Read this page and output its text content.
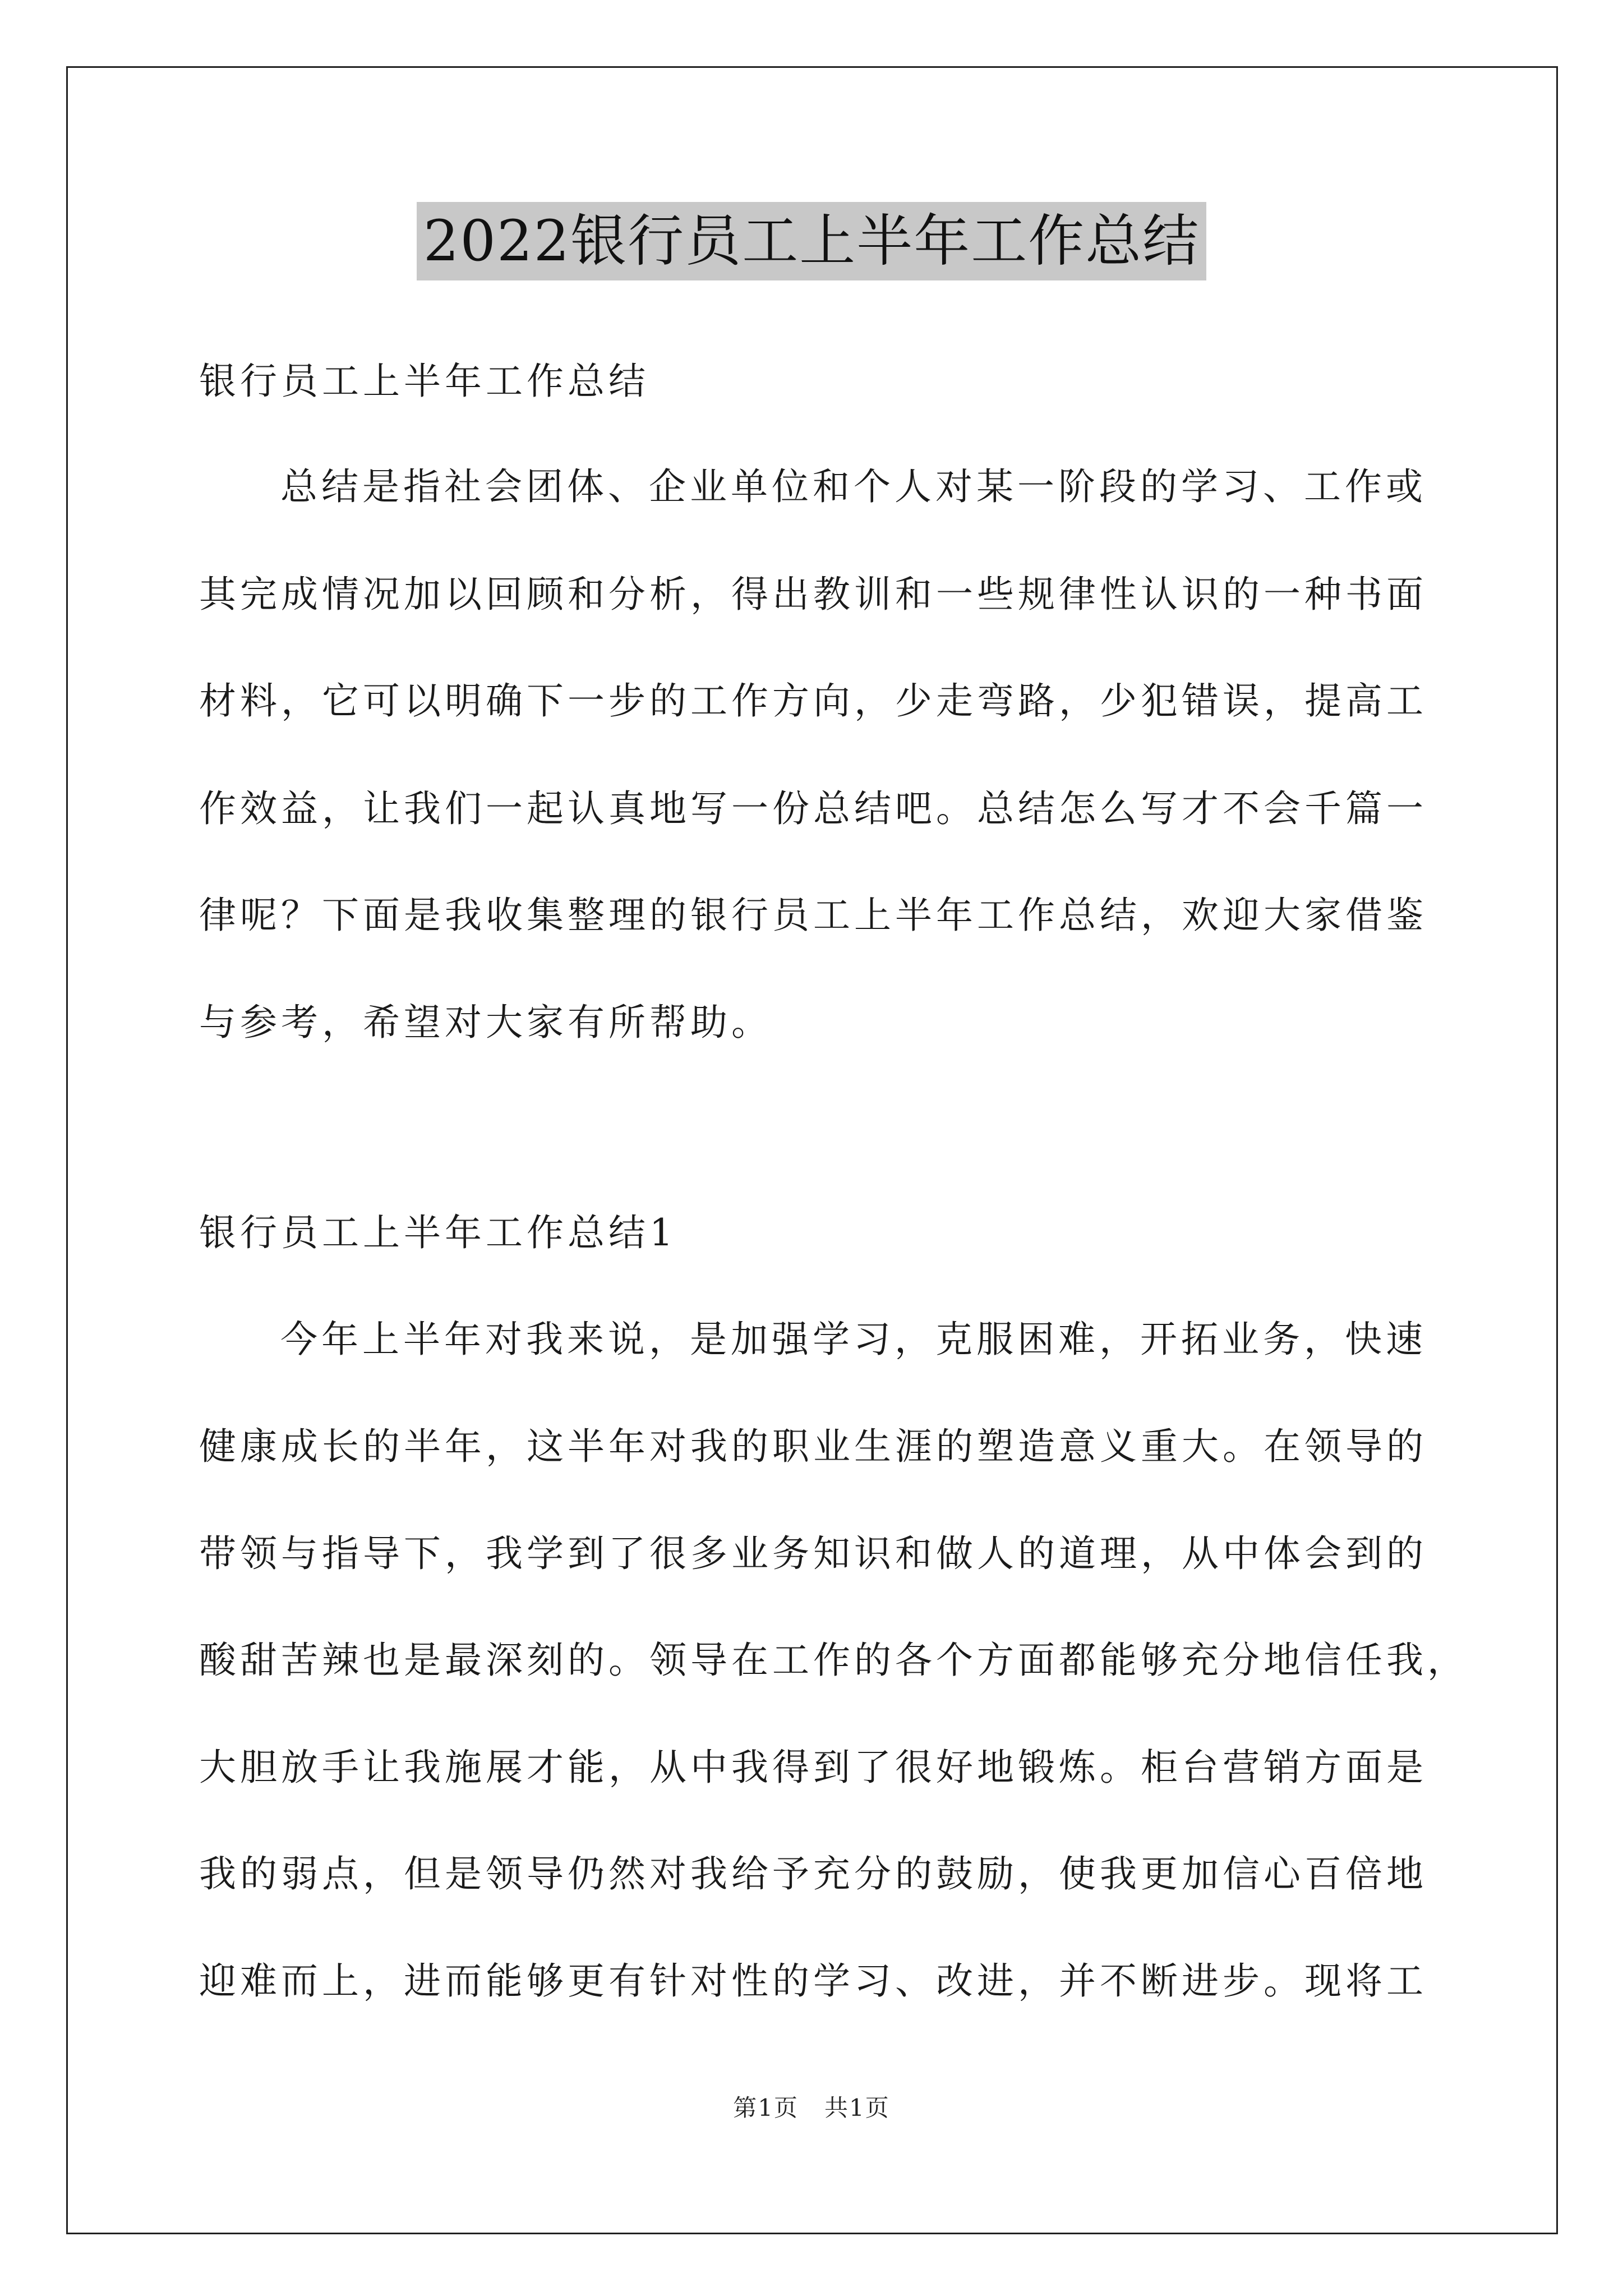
2022银行员工上半年工作总结
银行员工上半年工作总结
总结是指社会团体、企业单位和个人对某一阶段的学习、工作或
其完成情况加以回顾和分析，得出教训和一些规律性认识的一种书面
材料，它可以明确下一步的工作方向，少走弯路，少犯错误，提高工
作效益，让我们一起认真地写一份总结吧。总结怎么写才不会千篇一
律呢？下面是我收集整理的银行员工上半年工作总结，欢迎大家借鉴
与参考，希望对大家有所帮助。
银行员工上半年工作总结1
今年上半年对我来说，是加强学习，克服困难，开拓业务，快速
健康成长的半年，这半年对我的职业生涯的塑造意义重大。在领导的
带领与指导下，我学到了很多业务知识和做人的道理，从中体会到的
酸甜苦辣也是最深刻的。领导在工作的各个方面都能够充分地信任我，
大胆放手让我施展才能，从中我得到了很好地锻炼。柜台营销方面是
我的弱点，但是领导仍然对我给予充分的鼓励，使我更加信心百倍地
迎难而上，进而能够更有针对性的学习、改进，并不断进步。现将工
第1页   共1页
